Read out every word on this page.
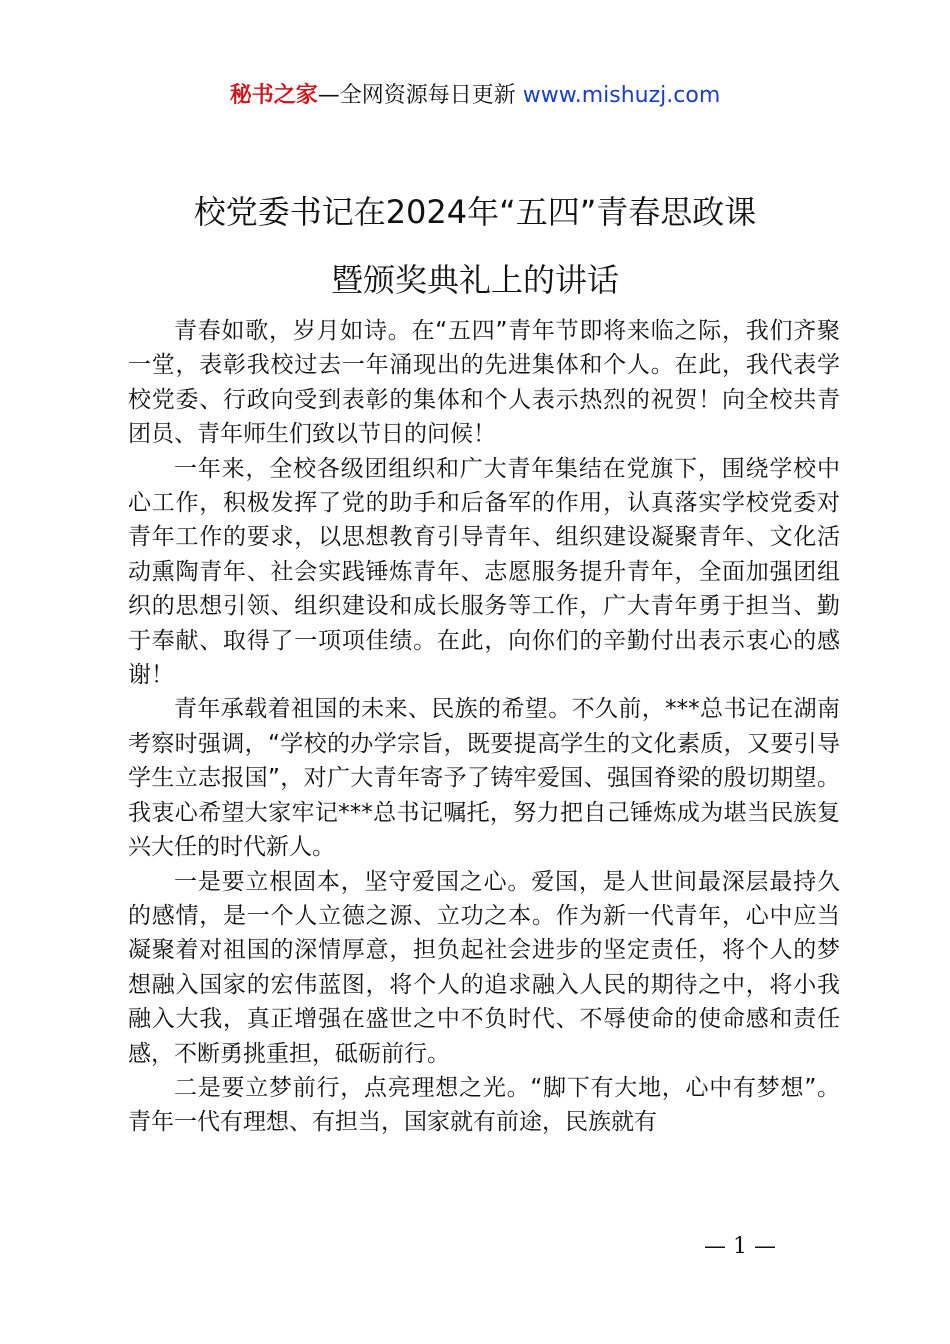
秘书之家—全网资源每日更新 www.mishuzj.com
校党委书记在2024年“五四”青春思政课
暨颁奖典礼上的讲话

青春如歌，岁月如诗。在“五四”青年节即将来临之际，我们齐聚一堂，表彰我校过去一年涌现出的先进集体和个人。在此，我代表学校党委、行政向受到表彰的集体和个人表示热烈的祝贺！向全校共青团员、青年师生们致以节日的问候！

一年来，全校各级团组织和广大青年集结在党旗下，围绕学校中心工作，积极发挥了党的助手和后备军的作用，认真落实学校党委对青年工作的要求，以思想教育引导青年、组织建设凝聚青年、文化活动熏陶青年、社会实践锤炼青年、志愿服务提升青年，全面加强团组织的思想引领、组织建设和成长服务等工作，广大青年勇于担当、勤于奉献、取得了一项项佳绩。在此，向你们的辛勤付出表示衷心的感谢！

青年承载着祖国的未来、民族的希望。不久前，***总书记在湖南考察时强调，“学校的办学宗旨，既要提高学生的文化素质，又要引导学生立志报国”，对广大青年寄予了铸牢爱国、强国脊梁的殷切期望。我衷心希望大家牢记***总书记嘱托，努力把自己锤炼成为堪当民族复兴大任的时代新人。

一是要立根固本，坚守爱国之心。爱国，是人世间最深层最持久的感情，是一个人立德之源、立功之本。作为新一代青年，心中应当凝聚着对祖国的深情厚意，担负起社会进步的坚定责任，将个人的梦想融入国家的宏伟蓝图，将个人的追求融入人民的期待之中，将小我融入大我，真正增强在盛世之中不负时代、不辱使命的使命感和责任感，不断勇挑重担，砥砺前行。

二是要立梦前行，点亮理想之光。“脚下有大地，心中有梦想”。青年一代有理想、有担当，国家就有前途，民族就有

— 1 —
